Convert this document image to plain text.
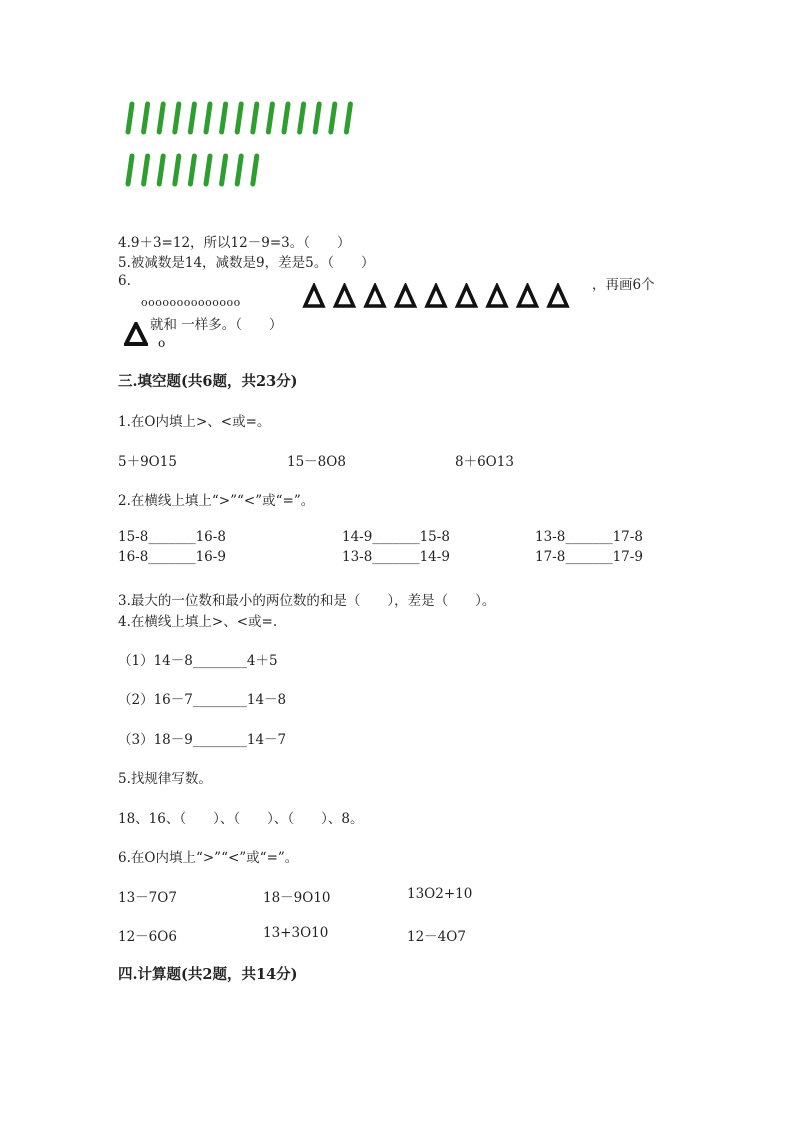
4.9＋3=12，所以12－9=3。（　　）
5.被减数是14，减数是9，差是5。（　　）
6.
oooooooooooooo
，再画6个
就和 一样多。（　　）
o
三.填空题(共6题，共23分)
1.在O内填上>、<或=。
5＋9O15	15－8O8	8＋6O13
2.在横线上填上“>”“<”或“=”。
15-8_______16-8	14-9_______15-8	13-8_______17-8
16-8_______16-9	13-8_______14-9	17-8_______17-9
3.最大的一位数和最小的两位数的和是（　　），差是（　　）。
4.在横线上填上>、<或=.
（1）14－8________4＋5
（2）16－7________14－8
（3）18－9________14－7
5.找规律写数。
18、16、（　　）、（　　）、（　　）、8。
6.在O内填上“>”“<”或“=”。
13－7O7	18－9O10	13O2+10
12－6O6	13+3O10	12－4O7
四.计算题(共2题，共14分)
